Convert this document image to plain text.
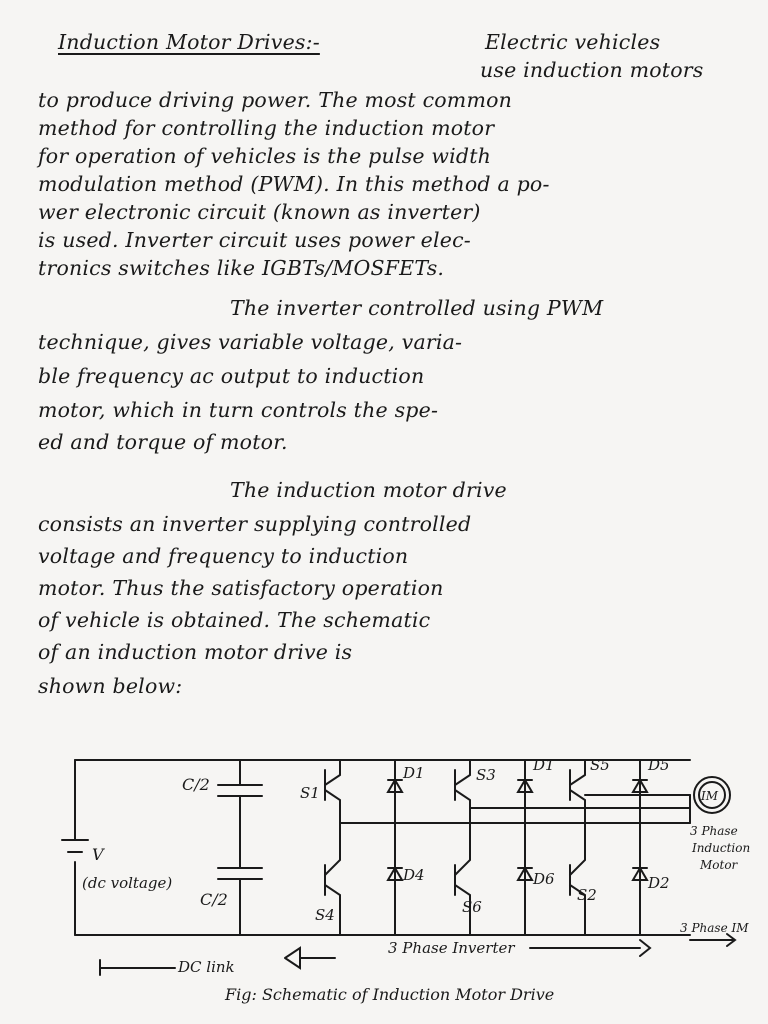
Induction Motor Drives:-	Electric vehicles
use induction motors
to produce driving power. The most common
method for controlling the induction motor
for operation of vehicles is the pulse width
modulation method (PWM). In this method a po-
wer electronic circuit (known as inverter)
is used. Inverter circuit uses power elec-
tronics switches like IGBTs/MOSFETs.
The inverter controlled using PWM
technique, gives variable voltage, varia-
ble frequency ac output to induction
motor, which in turn controls the spe-
ed and torque of motor.
The induction motor drive
consists an inverter supplying controlled
voltage and frequency to induction
motor. Thus the satisfactory operation
of vehicle is obtained. The schematic
of an induction motor drive is
shown below:
C/2
C/2
V
(dc voltage)
S1
S3
S5
S4	S6
S2
D1	D1	D5
D4	D6	D2
IM
3 Phase
Induction
Motor
DC link
3 Phase Inverter
3 Phase IM
Fig: Schematic of Induction Motor Drive
